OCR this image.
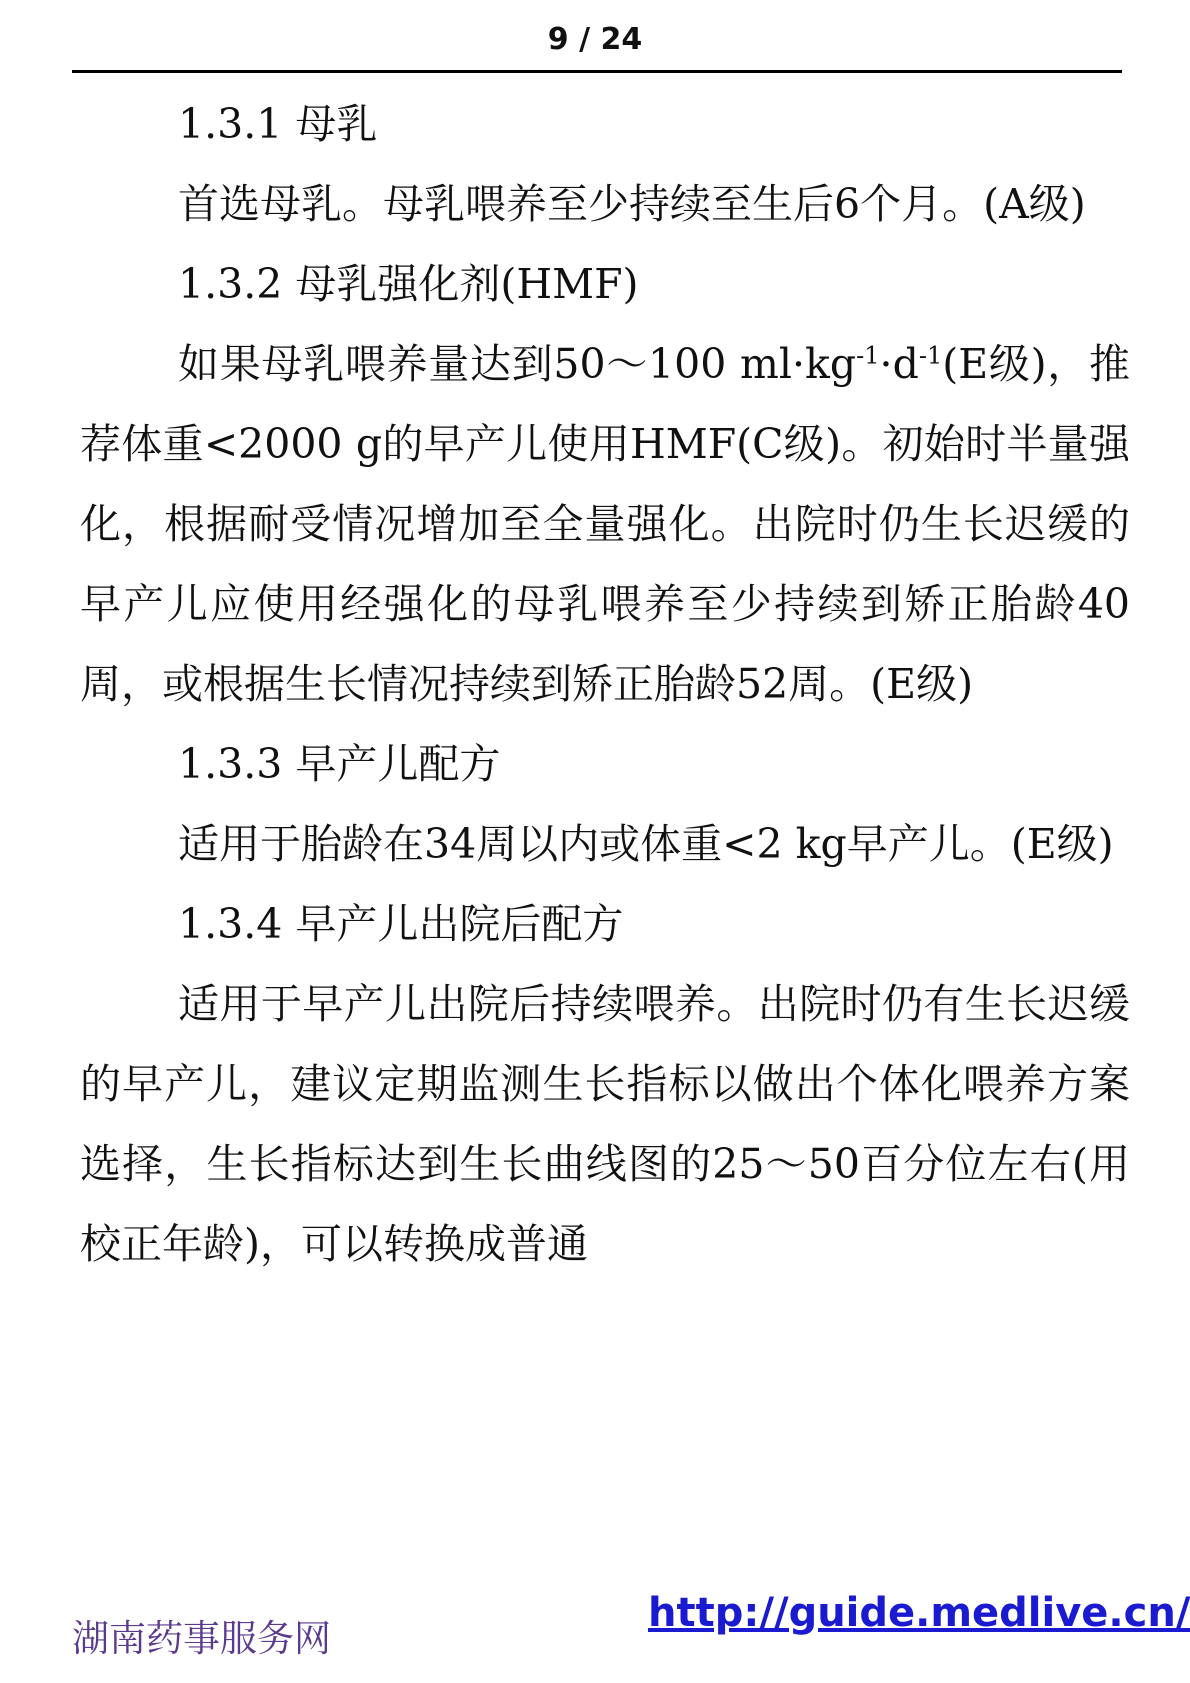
9 / 24

1.3.1 母乳

首选母乳。母乳喂养至少持续至生后6个月。(A级)

1.3.2 母乳强化剂(HMF)

如果母乳喂养量达到50～100 $ml\cdot kg^{-1}\cdot d^{-1}(E$级)，推荐体重<2000 g的早产儿使用HMF(C级)。初始时半量强化，根据耐受情况增加至全量强化。出院时仍生长迟缓的早产儿应使用经强化的母乳喂养至少持续到矫正胎龄40周，或根据生长情况持续到矫正胎龄52周。(E级)

1.3.3 早产儿配方

适用于胎龄在34周以内或体重<2 kg早产儿。(E级)

1.3.4 早产儿出院后配方

适用于早产儿出院后持续喂养。出院时仍有生长迟缓的早产儿，建议定期监测生长指标以做出个体化喂养方案选择，生长指标达到生长曲线图的25～50百分位左右(用校正年龄)，可以转换成普通

湖南药事服务网
http://guide.medlive.cn/
